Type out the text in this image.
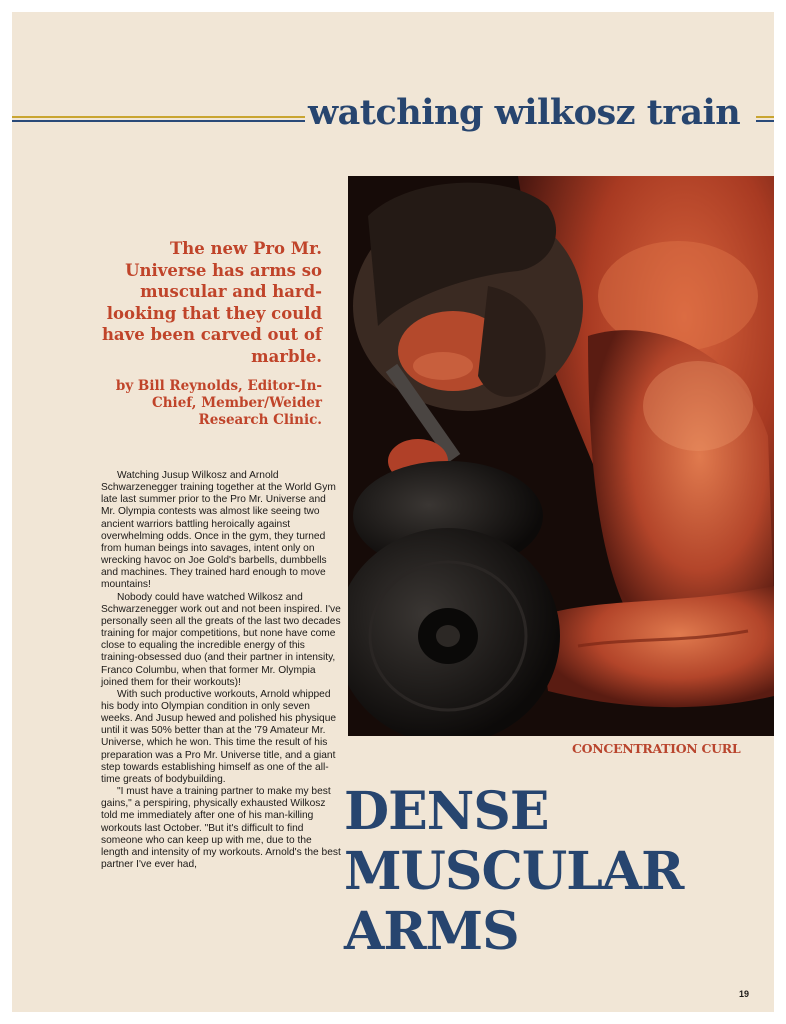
watching wilkosz train
The new Pro Mr. Universe has arms so muscular and hard-looking that they could have been carved out of marble.
by Bill Reynolds, Editor-In-Chief, Member/Weider Research Clinic.
CONCENTRATION CURL

Watching Jusup Wilkosz and Arnold Schwarzenegger training together at the World Gym late last summer prior to the Pro Mr. Universe and Mr. Olympia contests was almost like seeing two ancient warriors battling heroically against overwhelming odds. Once in the gym, they turned from human beings into savages, intent only on wrecking havoc on Joe Gold's barbells, dumbbells and machines. They trained hard enough to move mountains!

Nobody could have watched Wilkosz and Schwarzenegger work out and not been inspired. I've personally seen all the greats of the last two decades training for major competitions, but none have come close to equaling the incredible energy of this training-obsessed duo (and their partner in intensity, Franco Columbu, when that former Mr. Olympia joined them for their workouts)!

With such productive workouts, Arnold whipped his body into Olympian condition in only seven weeks. And Jusup hewed and polished his physique until it was 50% better than at the '79 Amateur Mr. Universe, which he won. This time the result of his preparation was a Pro Mr. Universe title, and a giant step towards establishing himself as one of the all-time greats of bodybuilding.

"I must have a training partner to make my best gains," a perspiring, physically exhausted Wilkosz told me immediately after one of his man-killing workouts last October. "But it's difficult to find someone who can keep up with me, due to the length and intensity of my workouts. Arnold's the best partner I've ever had,

DENSE
MUSCULAR
ARMS
19
